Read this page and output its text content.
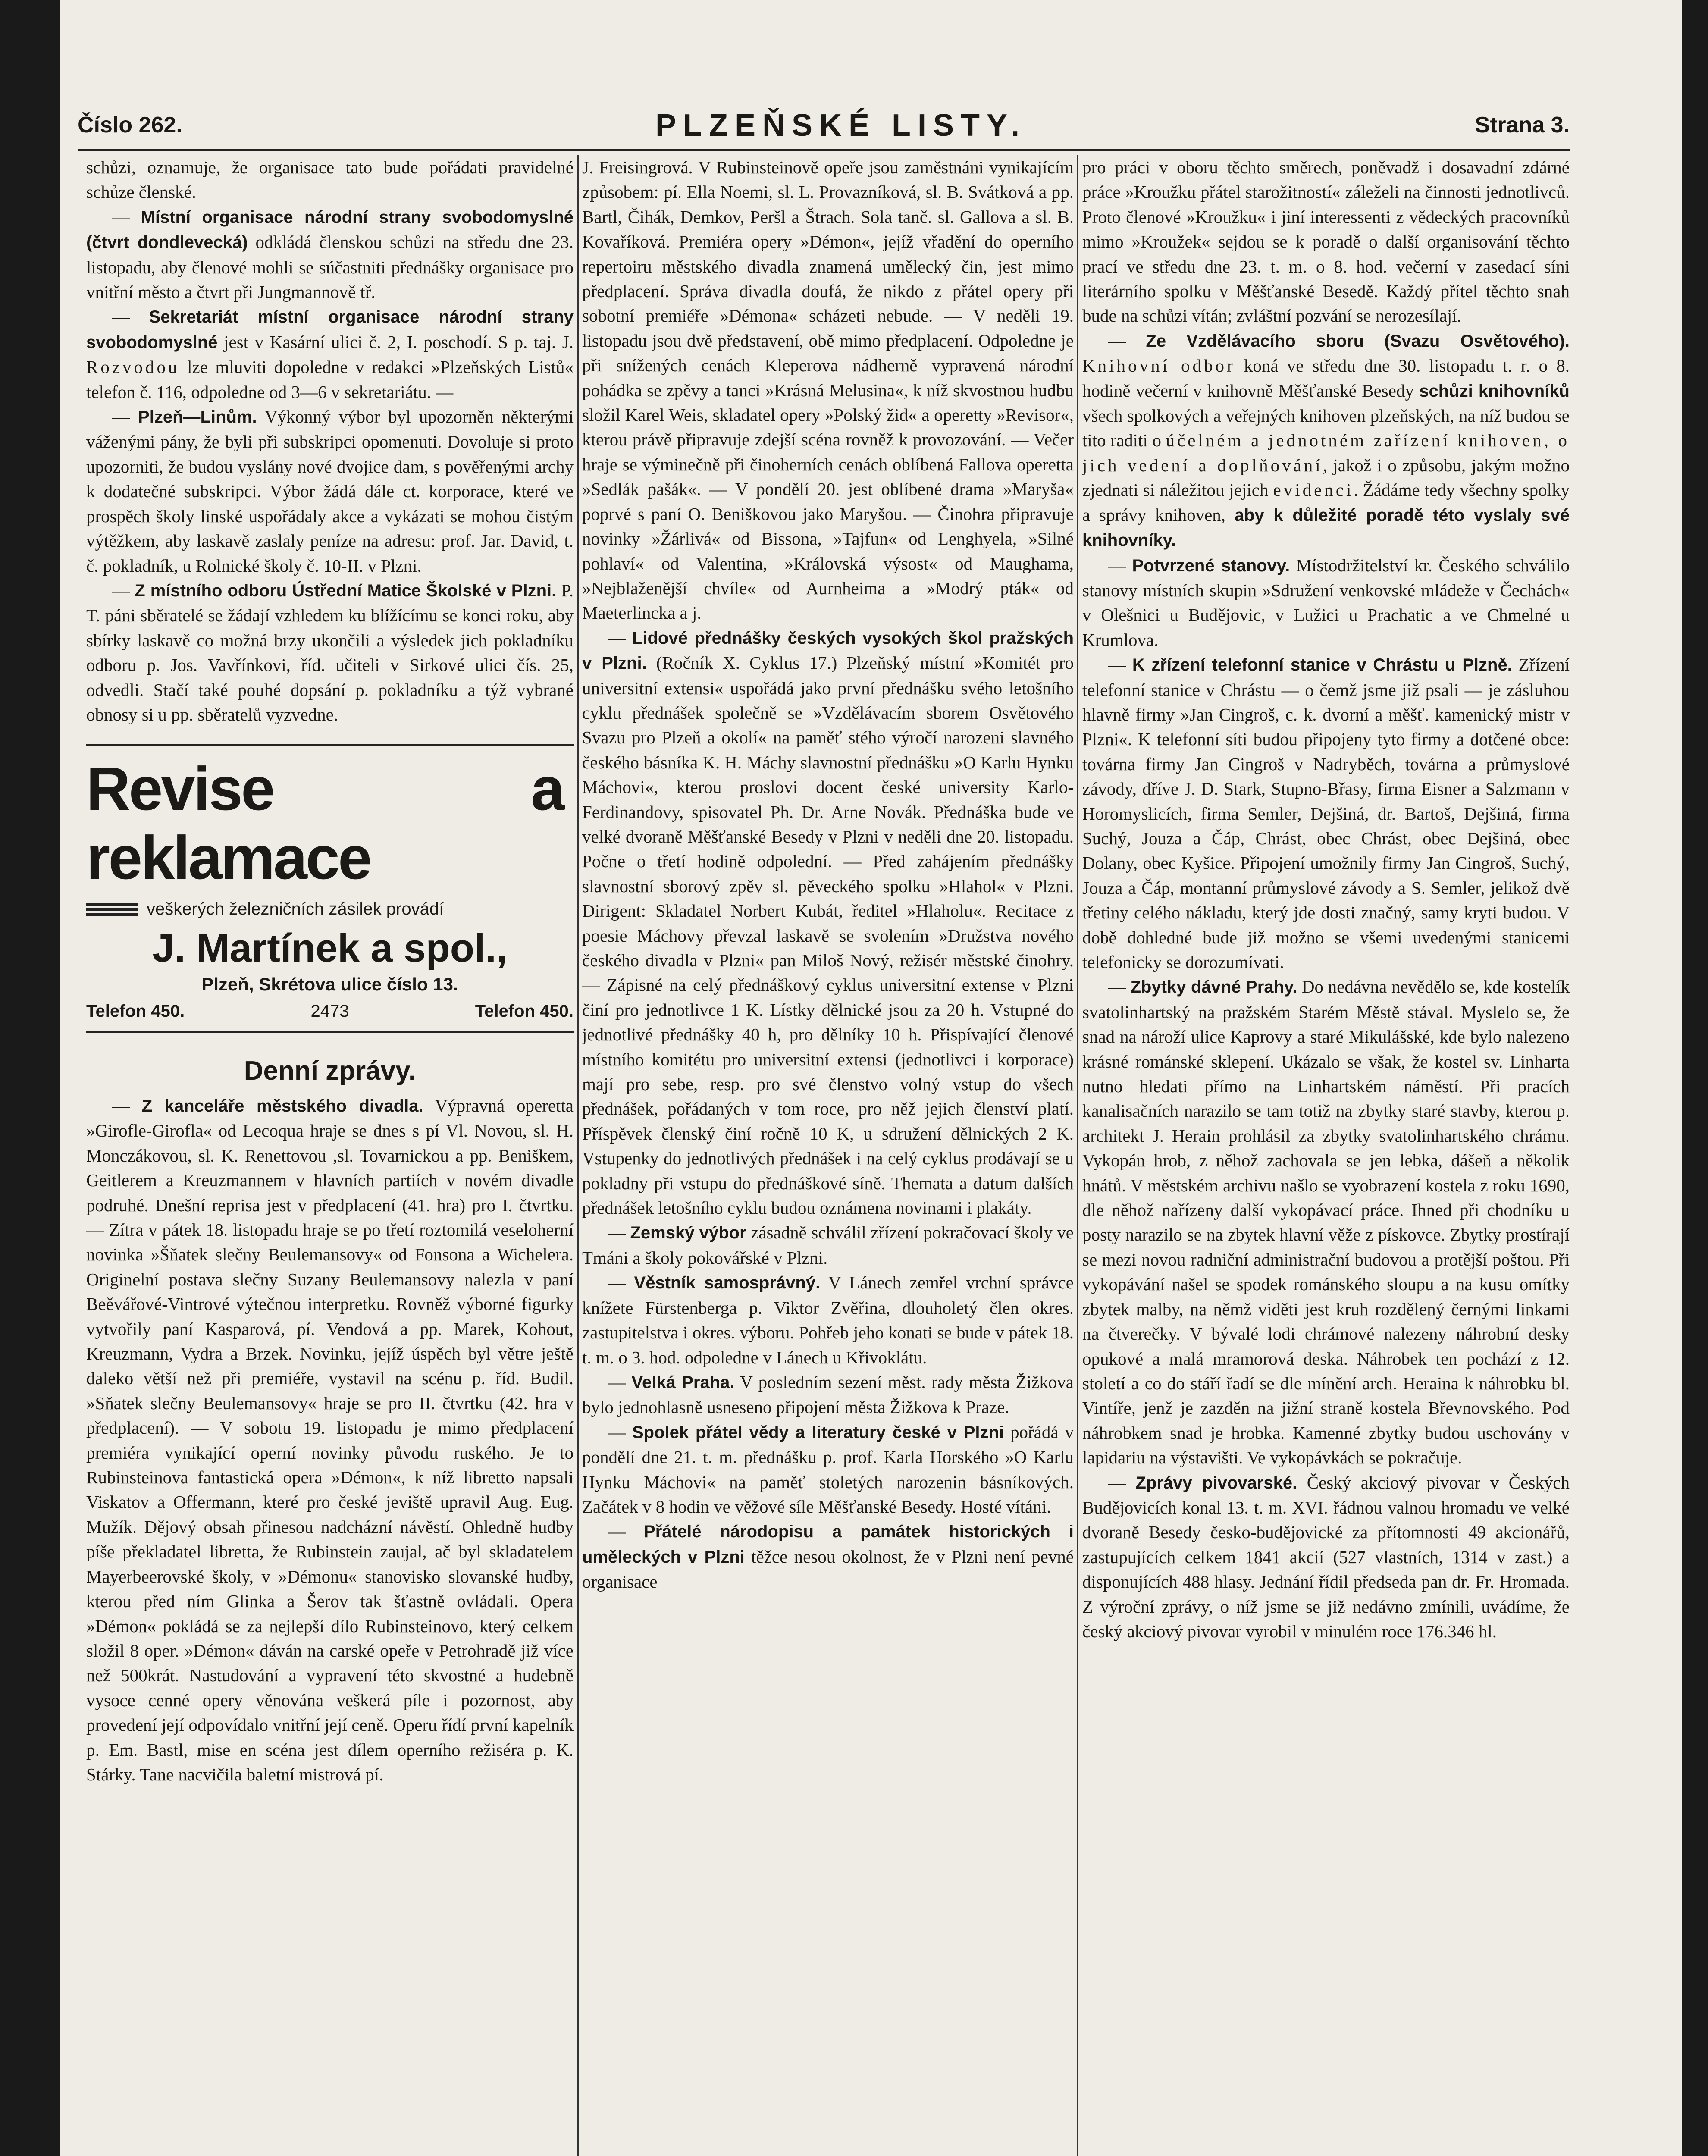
Číslo 262.	PLZEŇSKÉ LISTY.	Strana 3.

schůzi, oznamuje, že organisace tato bude pořádati pravidelné schůze členské.

— Místní organisace národní strany svobodomyslné (čtvrt dondlevecká) odkládá členskou schůzi na středu dne 23. listopadu, aby členové mohli se súčastniti přednášky organisace pro vnitřní město a čtvrt při Jungmannově tř.

— Sekretariát místní organisace národní strany svobodomyslné jest v Kasární ulici č. 2, I. poschodí. S p. taj. J. Rozvodou lze mluviti dopoledne v redakci »Plzeňských Listů« telefon č. 116, odpoledne od 3—6 v sekretariátu. —

— Plzeň—Linům. Výkonný výbor byl upozorněn některými váženými pány, že byli při subskripci opomenuti. Dovoluje si proto upozorniti, že budou vyslány nové dvojice dam, s pověřenými archy k dodatečné subskripci. Výbor žádá dále ct. korporace, které ve prospěch školy linské uspořádaly akce a vykázati se mohou čistým výtěžkem, aby laskavě zaslaly peníze na adresu: prof. Jar. David, t. č. pokladník, u Rolnické školy č. 10-II. v Plzni.

— Z místního odboru Ústřední Matice Školské v Plzni. P. T. páni sběratelé se žádají vzhledem ku blížícímu se konci roku, aby sbírky laskavě co možná brzy ukončili a výsledek jich pokladníku odboru p. Jos. Vavřínkovi, říd. učiteli v Sirkové ulici čís. 25, odvedli. Stačí také pouhé dopsání p. pokladníku a týž vybrané obnosy si u pp. sběratelů vyzvedne.

Revise a reklamace
veškerých železničních zásilek provádí
J. Martínek a spol.,
Plzeň, Skrétova ulice číslo 13.
Telefon 450.	2473	Telefon 450.
Denní zprávy.

— Z kanceláře městského divadla. Výpravná operetta »Girofle-Girofla« od Lecoqua hraje se dnes s pí Vl. Novou, sl. H. Monczákovou, sl. K. Renettovou ,sl. Tovarnickou a pp. Beniškem, Geitlerem a Kreuzmannem v hlavních partiích v novém divadle podruhé. Dnešní reprisa jest v předplacení (41. hra) pro I. čtvrtku. — Zítra v pátek 18. listopadu hraje se po třetí roztomilá veseloherní novinka »Šňatek slečny Beulemansovy« od Fonsona a Wichelera. Originelní postava slečny Suzany Beulemansovy nalezla v paní Beěvářové-Vintrové výtečnou interpretku. Rovněž výborné figurky vytvořily paní Kasparová, pí. Vendová a pp. Marek, Kohout, Kreuzmann, Vydra a Brzek. Novinku, jejíž úspěch byl větre ještě daleko větší než při premiéře, vystavil na scénu p. říd. Budil. »Sňatek slečny Beulemansovy« hraje se pro II. čtvrtku (42. hra v předplacení). — V sobotu 19. listopadu je mimo předplacení premiéra vynikající operní novinky původu ruského. Je to Rubinsteinova fantastická opera »Démon«, k níž libretto napsali Viskatov a Offermann, které pro české jeviště upravil Aug. Eug. Mužík. Dějový obsah přinesou nadcházní návěstí. Ohledně hudby píše překladatel libretta, že Rubinstein zaujal, ač byl skladatelem Mayerbeerovské školy, v »Démonu« stanovisko slovanské hudby, kterou před ním Glinka a Šerov tak šťastně ovládali. Opera »Démon« pokládá se za nejlepší dílo Rubinsteinovo, který celkem složil 8 oper. »Démon« dáván na carské opeře v Petrohradě již více než 500krát. Nastudování a vypravení této skvostné a hudebně vysoce cenné opery věnována veškerá píle i pozornost, aby provedení její odpovídalo vnitřní její ceně. Operu řídí první kapelník p. Em. Bastl, mise en scéna jest dílem operního režiséra p. K. Stárky. Tane nacvičila baletní mistrová pí.

J. Freisingrová. V Rubinsteinově opeře jsou zaměstnáni vynikajícím způsobem: pí. Ella Noemi, sl. L. Provazníková, sl. B. Svátková a pp. Bartl, Čihák, Demkov, Peršl a Štrach. Sola tanč. sl. Gallova a sl. B. Kovaříková. Premiéra opery »Démon«, jejíž vřadění do operního repertoiru městského divadla znamená umělecký čin, jest mimo předplacení. Správa divadla doufá, že nikdo z přátel opery při sobotní premiéře »Démona« scházeti nebude. — V neděli 19. listopadu jsou dvě představení, obě mimo předplacení. Odpoledne je při snížených cenách Kleperova nádherně vypravená národní pohádka se zpěvy a tanci »Krásná Melusina«, k níž skvostnou hudbu složil Karel Weis, skladatel opery »Polský žid« a operetty »Revisor«, kterou právě připravuje zdejší scéna rovněž k provozování. — Večer hraje se výminečně při činoherních cenách oblíbená Fallova operetta »Sedlák pašák«. — V pondělí 20. jest oblíbené drama »Maryša« poprvé s paní O. Beniškovou jako Maryšou. — Činohra připravuje novinky »Žárlivá« od Bissona, »Tajfun« od Lenghyela, »Silné pohlaví« od Valentina, »Královská výsost« od Maughama, »Nejblaženější chvíle« od Aurnheima a »Modrý pták« od Maeterlincka a j.

— Lidové přednášky českých vysokých škol pražských v Plzni. (Ročník X. Cyklus 17.) Plzeňský místní »Komitét pro universitní extensi« uspořádá jako první přednášku svého letošního cyklu přednášek společně se »Vzdělávacím sborem Osvětového Svazu pro Plzeň a okolí« na paměť stého výročí narozeni slavného českého básníka K. H. Máchy slavnostní přednášku »O Karlu Hynku Máchovi«, kterou proslovi docent české university Karlo-Ferdinandovy, spisovatel Ph. Dr. Arne Novák. Přednáška bude ve velké dvoraně Měšťanské Besedy v Plzni v neděli dne 20. listopadu. Počne o třetí hodině odpolední. — Před zahájením přednášky slavnostní sborový zpěv sl. pěveckého spolku »Hlahol« v Plzni. Dirigent: Skladatel Norbert Kubát, ředitel »Hlaholu«. Recitace z poesie Máchovy převzal laskavě se svolením »Družstva nového českého divadla v Plzni« pan Miloš Nový, režisér městské činohry. — Zápisné na celý přednáškový cyklus universitní extense v Plzni činí pro jednotlivce 1 K. Lístky dělnické jsou za 20 h. Vstupné do jednotlivé přednášky 40 h, pro dělníky 10 h. Přispívající členové místního komitétu pro universitní extensi (jednotlivci i korporace) mají pro sebe, resp. pro své členstvo volný vstup do všech přednášek, pořádaných v tom roce, pro něž jejich členství platí. Příspěvek členský činí ročně 10 K, u sdružení dělnických 2 K. Vstupenky do jednotlivých přednášek i na celý cyklus prodávají se u pokladny při vstupu do přednáškové síně. Themata a datum dalších přednášek letošního cyklu budou oznámena novinami i plakáty.

— Zemský výbor zásadně schválil zřízení pokračovací školy ve Tmáni a školy pokovářské v Plzni.

— Věstník samosprávný. V Lánech zemřel vrchní správce knížete Fürstenberga p. Viktor Zvěřina, dlouholetý člen okres. zastupitelstva i okres. výboru. Pohřeb jeho konati se bude v pátek 18. t. m. o 3. hod. odpoledne v Lánech u Křivoklátu.

— Velká Praha. V posledním sezení měst. rady města Žižkova bylo jednohlasně usneseno připojení města Žižkova k Praze.

— Spolek přátel vědy a literatury české v Plzni pořádá v pondělí dne 21. t. m. přednášku p. prof. Karla Horského »O Karlu Hynku Máchovi« na paměť stoletých narozenin básníkových. Začátek v 8 hodin ve věžové síle Měšťanské Besedy. Hosté vítáni.

— Přátelé národopisu a památek historických i uměleckých v Plzni těžce nesou okolnost, že v Plzni není pevné organisace

pro práci v oboru těchto směrech, poněvadž i dosavadní zdárné práce »Kroužku přátel starožitností« záleželi na činnosti jednotlivců. Proto členové »Kroužku« i jiní interessenti z vědeckých pracovníků mimo »Kroužek« sejdou se k poradě o další organisování těchto prací ve středu dne 23. t. m. o 8. hod. večerní v zasedací síni literárního spolku v Měšťanské Besedě. Každý přítel těchto snah bude na schůzi vítán; zvláštní pozvání se nerozesílají.

— Ze Vzdělávacího sboru (Svazu Osvětového). Knihovní odbor koná ve středu dne 30. listopadu t. r. o 8. hodině večerní v knihovně Měšťanské Besedy schůzi knihovníků všech spolkových a veřejných knihoven plzeňských, na níž budou se tito raditi o účelném a jednotném zařízení knihoven, o jich vedení a doplňování, jakož i o způsobu, jakým možno zjednati si náležitou jejich evidenci. Žádáme tedy všechny spolky a správy knihoven, aby k důležité poradě této vyslaly své knihovníky.

— Potvrzené stanovy. Místodržitelství kr. Českého schválilo stanovy místních skupin »Sdružení venkovské mládeže v Čechách« v Olešnici u Budějovic, v Lužici u Prachatic a ve Chmelné u Krumlova.

— K zřízení telefonní stanice v Chrástu u Plzně. Zřízení telefonní stanice v Chrástu — o čemž jsme již psali — je zásluhou hlavně firmy »Jan Cingroš, c. k. dvorní a měšť. kamenický mistr v Plzni«. K telefonní síti budou připojeny tyto firmy a dotčené obce: továrna firmy Jan Cingroš v Nadryběch, továrna a průmyslové závody, dříve J. D. Stark, Stupno-Břasy, firma Eisner a Salzmann v Horomyslicích, firma Semler, Dejšiná, dr. Bartoš, Dejšiná, firma Suchý, Jouza a Čáp, Chrást, obec Chrást, obec Dejšiná, obec Dolany, obec Kyšice. Připojení umožnily firmy Jan Cingroš, Suchý, Jouza a Čáp, montanní průmyslové závody a S. Semler, jelikož dvě třetiny celého nákladu, který jde dosti značný, samy kryti budou. V době dohledné bude již možno se všemi uvedenými stanicemi telefonicky se dorozumívati.

— Zbytky dávné Prahy. Do nedávna nevědělo se, kde kostelík svatolinhartský na pražském Starém Městě stával. Myslelo se, že snad na nároží ulice Kaprovy a staré Mikulášské, kde bylo nalezeno krásné románské sklepení. Ukázalo se však, že kostel sv. Linharta nutno hledati přímo na Linhartském náměstí. Při pracích kanalisačních narazilo se tam totiž na zbytky staré stavby, kterou p. architekt J. Herain prohlásil za zbytky svatolinhartského chrámu. Vykopán hrob, z něhož zachovala se jen lebka, dášeň a několik hnátů. V městském archivu našlo se vyobrazení kostela z roku 1690, dle něhož nařízeny další vykopávací práce. Ihned při chodníku u posty narazilo se na zbytek hlavní věže z pískovce. Zbytky prostírají se mezi novou radniční administrační budovou a protější poštou. Při vykopávání našel se spodek románského sloupu a na kusu omítky zbytek malby, na němž viděti jest kruh rozdělený černými linkami na čtverečky. V bývalé lodi chrámové nalezeny náhrobní desky opukové a malá mramorová deska. Náhrobek ten pochází z 12. století a co do stáří řadí se dle mínění arch. Heraina k náhrobku bl. Vintíře, jenž je zazděn na jižní straně kostela Břevnovského. Pod náhrobkem snad je hrobka. Kamenné zbytky budou uschovány v lapidariu na výstavišti. Ve vykopávkách se pokračuje.

— Zprávy pivovarské. Český akciový pivovar v Českých Budějovicích konal 13. t. m. XVI. řádnou valnou hromadu ve velké dvoraně Besedy česko-budějovické za přítomnosti 49 akcionářů, zastupujících celkem 1841 akcií (527 vlastních, 1314 v zast.) a disponujících 488 hlasy. Jednání řídil předseda pan dr. Fr. Hromada. Z výroční zprávy, o níž jsme se již nedávno zmínili, uvádíme, že český akciový pivovar vyrobil v minulém roce 176.346 hl.
